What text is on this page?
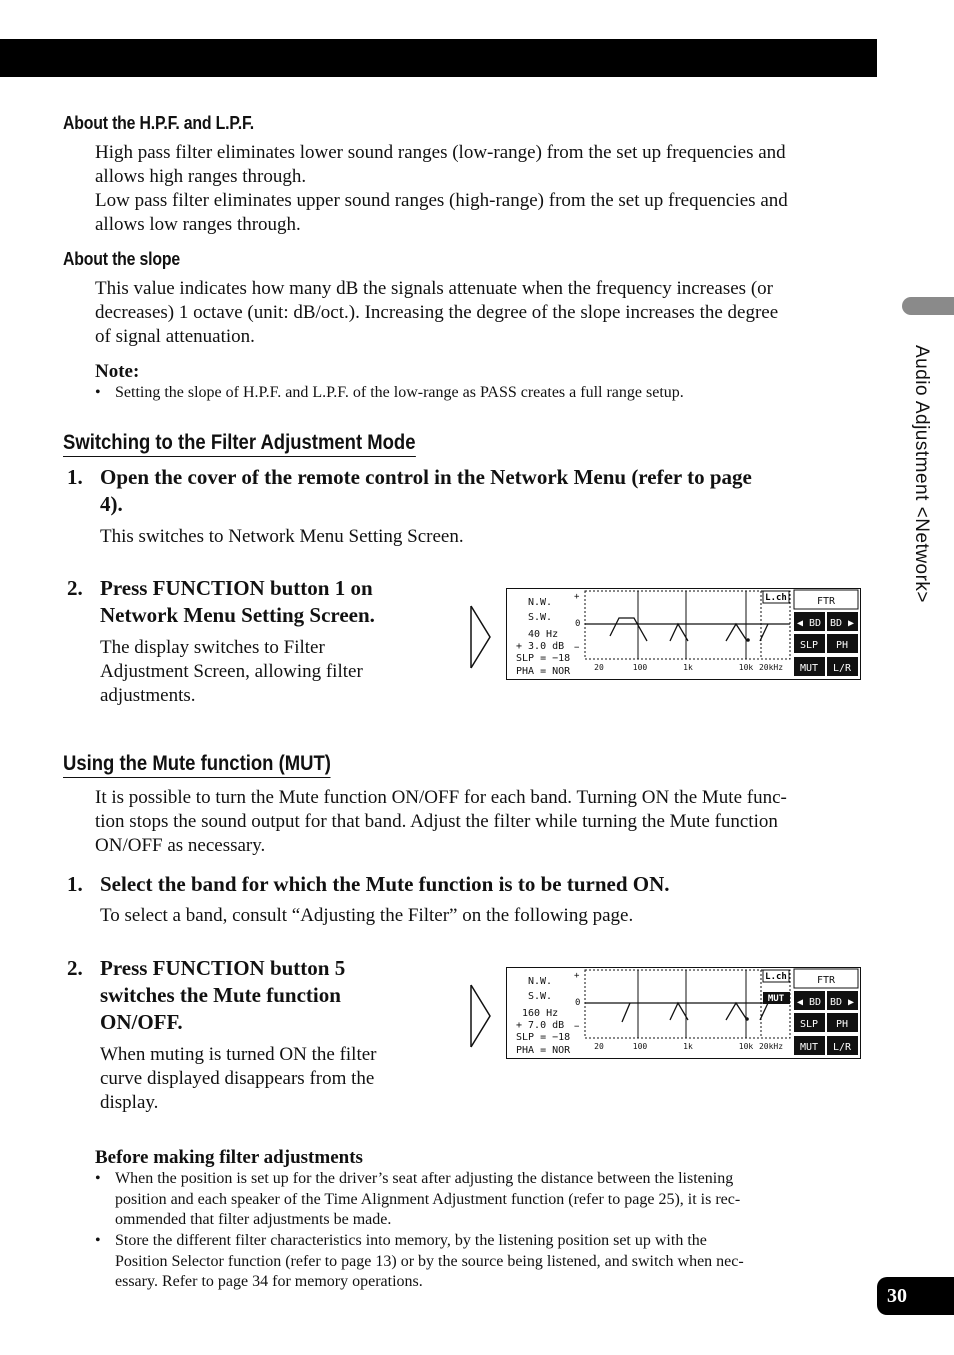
Audio Adjustment <Network>
About the H.P.F. and L.P.F.
High pass filter eliminates lower sound ranges (low-range) from the set up frequencies and
allows high ranges through.
Low pass filter eliminates upper sound ranges (high-range) from the set up frequencies and
allows low ranges through.
About the slope
This value indicates how many dB the signals attenuate when the frequency increases (or
decreases) 1 octave (unit: dB/oct.). Increasing the degree of the slope increases the degree
of signal attenuation.
Note:
• Setting the slope of H.P.F. and L.P.F. of the low-range as PASS creates a full range setup.
Switching to the Filter Adjustment Mode
1. Open the cover of the remote control in the Network Menu (refer to page
4).
This switches to Network Menu Setting Screen.
2. Press FUNCTION button 1 on
Network Menu Setting Screen.
The display switches to Filter
Adjustment Screen, allowing filter
adjustments.
N.W.
S.W.
40 Hz
+ 3.0 dB
SLP = −18
PHA = NOR
+
0
−
L.ch
20	100	1k	10k 20kHz
FTR
◀ BD BD ▶
SLP PH
MUT L/R
Using the Mute function (MUT)
It is possible to turn the Mute function ON/OFF for each band. Turning ON the Mute func-
tion stops the sound output for that band. Adjust the filter while turning the Mute function
ON/OFF as necessary.
1. Select the band for which the Mute function is to be turned ON.
To select a band, consult “Adjusting the Filter” on the following page.
2. Press FUNCTION button 5
switches the Mute function
ON/OFF.
When muting is turned ON the filter
curve displayed disappears from the
display.
N.W.
S.W.
160 Hz
+ 7.0 dB
SLP = −18
PHA = NOR
+
0
−
L.ch
MUT
20	100	1k	10k 20kHz
FTR
◀ BD BD ▶
SLP PH
MUT L/R
Before making filter adjustments
• When the position is set up for the driver’s seat after adjusting the distance between the listening
position and each speaker of the Time Alignment Adjustment function (refer to page 25), it is rec-
ommended that filter adjustments be made.
• Store the different filter characteristics into memory, by the listening position set up with the
Position Selector function (refer to page 13) or by the source being listened, and switch when nec-
essary. Refer to page 34 for memory operations.
30
